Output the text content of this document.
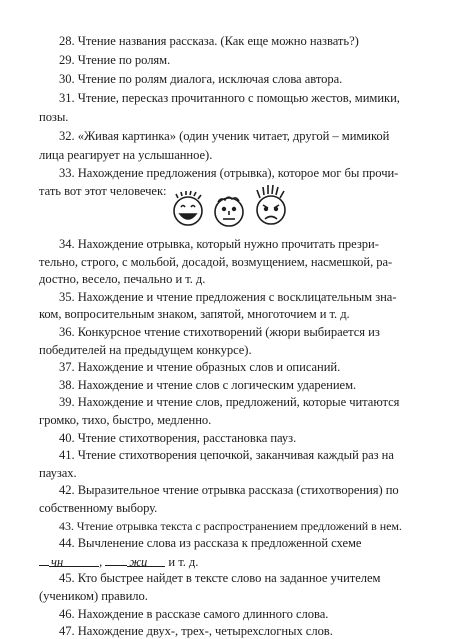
28. Чтение названия рассказа. (Как еще можно назвать?)
29. Чтение по ролям.
30. Чтение по ролям диалога, исключая слова автора.
31. Чтение, пересказ прочитанного с помощью жестов, мимики,
позы.
32. «Живая картинка» (один ученик читает, другой – мимикой
лица реагирует на услышанное).
33. Нахождение предложения (отрывка), которое мог бы прочи-
тать вот этот человечек:
34. Нахождение отрывка, который нужно прочитать презри-
тельно, строго, с мольбой, досадой, возмущением, насмешкой, ра-
достно, весело, печально и т. д.
35. Нахождение и чтение предложения с восклицательным зна-
ком, вопросительным знаком, запятой, многоточием и т. д.
36. Конкурсное чтение стихотворений (жюри выбирается из
победителей на предыдущем конкурсе).
37. Нахождение и чтение образных слов и описаний.
38. Нахождение и чтение слов с логическим ударением.
39. Нахождение и чтение слов, предложений, которые читаются
громко, тихо, быстро, медленно.
40. Чтение стихотворения, расстановка пауз.
41. Чтение стихотворения цепочкой, заканчивая каждый раз на
паузах.
42. Выразительное чтение отрывка рассказа (стихотворения) по
собственному выбору.
43. Чтение отрывка текста с распространением предложений в нем.
44. Вычленение слова из рассказа к предложенной схеме
чн	, жи и т. д.
45. Кто быстрее найдет в тексте слово на заданное учителем
(учеником) правило.
46. Нахождение в рассказе самого длинного слова.
47. Нахождение двух-, трех-, четырехслогных слов.
